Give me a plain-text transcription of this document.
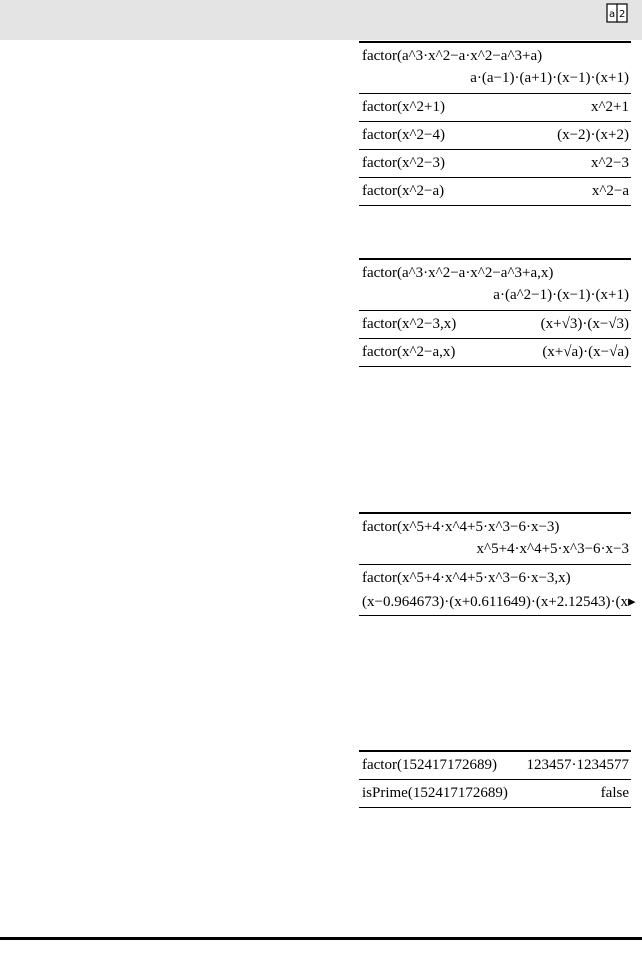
a 2
factor(a^3·x^2−a·x^2−a^3+a)
a·(a−1)·(a+1)·(x−1)·(x+1)
factor(x^2+1)	x^2+1
factor(x^2−4)	(x−2)·(x+2)
factor(x^2−3)	x^2−3
factor(x^2−a)	x^2−a
factor(a^3·x^2−a·x^2−a^3+a,x)
a·(a^2−1)·(x−1)·(x+1)
factor(x^2−3,x)	(x+√3)·(x−√3)
factor(x^2−a,x)	(x+√a)·(x−√a)
factor(x^5+4·x^4+5·x^3−6·x−3)
x^5+4·x^4+5·x^3−6·x−3
factor(x^5+4·x^4+5·x^3−6·x−3,x)
(x−0.964673)·(x+0.611649)·(x+2.12543)·(x▸
factor(152417172689) 123457·1234577
isPrime(152417172689)	false
